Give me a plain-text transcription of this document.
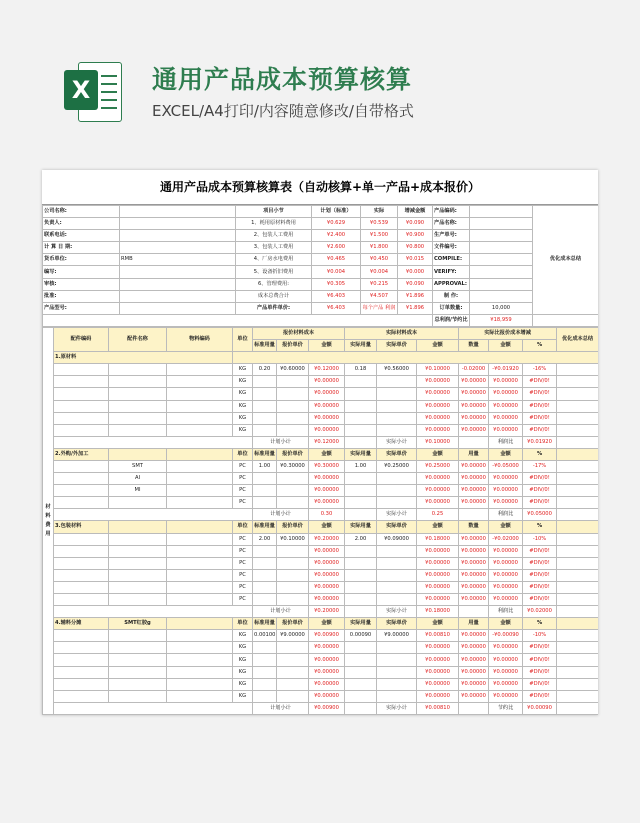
X	通用产品成本预算核算
EXCEL/A4打印/内容随意修改/自带格式
通用产品成本预算核算表（自动核算+单一产品+成本报价）
公司名称:		项目小节	计划（标准）	实际	增减金额	产品编码:		优化成本总结
负责人:		1、耗用原材料费用	¥0.629	¥0.539	¥0.090	产品名称:		
联系电话:		2、包装人工费用	¥2.400	¥1.500	¥0.900	生产单号:		
计 算 日 期:		3、包装人工费用	¥2.600	¥1.800	¥0.800	文件编号:		
货币单位:	RMB	4、厂房水电费用	¥0.465	¥0.450	¥0.015	COMPILE:		
编写:		5、设备折旧费用	¥0.004	¥0.004	¥0.000	VERIFY:		
审核:		6、管理费用:	¥0.305	¥0.215	¥0.090	APPROVAL:		
批准:		成本总费合计	¥6.403	¥4.507	¥1.896	制 作:		
产品型号:		产品单件单价:	¥6.403	每个产品 利润	¥1.896	订单数量:	10,000	
						总利润/节约比	¥18,959	
材料费用	配件编码	配件名称	物料编码	单位	报价材料成本			实际材料成本			实际比报价成本增减			优化成本总结
					标准用量	报价单价	金额	实际用量	实际单价	金额	数量	金额	%	
	1.原材料													
				KG	0.20	¥0.60000	¥0.12000	0.18	¥0.56000	¥0.10000	-0.02000	-¥0.01920	-16%	
				KG			¥0.00000			¥0.00000	¥0.00000	¥0.00000	#DIV/0!	
				KG			¥0.00000			¥0.00000	¥0.00000	¥0.00000	#DIV/0!	
				KG			¥0.00000			¥0.00000	¥0.00000	¥0.00000	#DIV/0!	
				KG			¥0.00000			¥0.00000	¥0.00000	¥0.00000	#DIV/0!	
				KG			¥0.00000			¥0.00000	¥0.00000	¥0.00000	#DIV/0!	
					计划小计		¥0.12000		实际小计	¥0.10000		利润比	¥0.01920	
	2.外购/外加工			单位	标准用量	报价单价	金额	实际用量	实际单价	金额	用量	金额	%	
		SMT		PC	1.00	¥0.30000	¥0.30000	1.00	¥0.25000	¥0.25000	¥0.00000	-¥0.05000	-17%	
		AI		PC			¥0.00000			¥0.00000	¥0.00000	¥0.00000	#DIV/0!	
		MI		PC			¥0.00000			¥0.00000	¥0.00000	¥0.00000	#DIV/0!	
				PC			¥0.00000			¥0.00000	¥0.00000	¥0.00000	#DIV/0!	
					计划小计		0.30		实际小计	0.25		利润比	¥0.05000	
	3.包装材料			单位	标准用量	报价单价	金额	实际用量	实际单价	金额	数量	金额	%	
				PC	2.00	¥0.10000	¥0.20000	2.00	¥0.09000	¥0.18000	¥0.00000	-¥0.02000	-10%	
				PC			¥0.00000			¥0.00000	¥0.00000	¥0.00000	#DIV/0!	
				PC			¥0.00000			¥0.00000	¥0.00000	¥0.00000	#DIV/0!	
				PC			¥0.00000			¥0.00000	¥0.00000	¥0.00000	#DIV/0!	
				PC			¥0.00000			¥0.00000	¥0.00000	¥0.00000	#DIV/0!	
				PC			¥0.00000			¥0.00000	¥0.00000	¥0.00000	#DIV/0!	
					计划小计		¥0.20000		实际小计	¥0.18000		利润比	¥0.02000	
	4.辅料分摊	SMT红胶g		单位	标准用量	报价单价	金额	实际用量	实际单价	金额	用量	金额	%	
				KG	0.00100	¥9.00000	¥0.00900	0.00090	¥9.00000	¥0.00810	¥0.00000	-¥0.00090	-10%	
				KG			¥0.00000			¥0.00000	¥0.00000	¥0.00000	#DIV/0!	
				KG			¥0.00000			¥0.00000	¥0.00000	¥0.00000	#DIV/0!	
				KG			¥0.00000			¥0.00000	¥0.00000	¥0.00000	#DIV/0!	
				KG			¥0.00000			¥0.00000	¥0.00000	¥0.00000	#DIV/0!	
				KG			¥0.00000			¥0.00000	¥0.00000	¥0.00000	#DIV/0!	
					计划小计		¥0.00900		实际小计	¥0.00810		节约比	¥0.00090	
